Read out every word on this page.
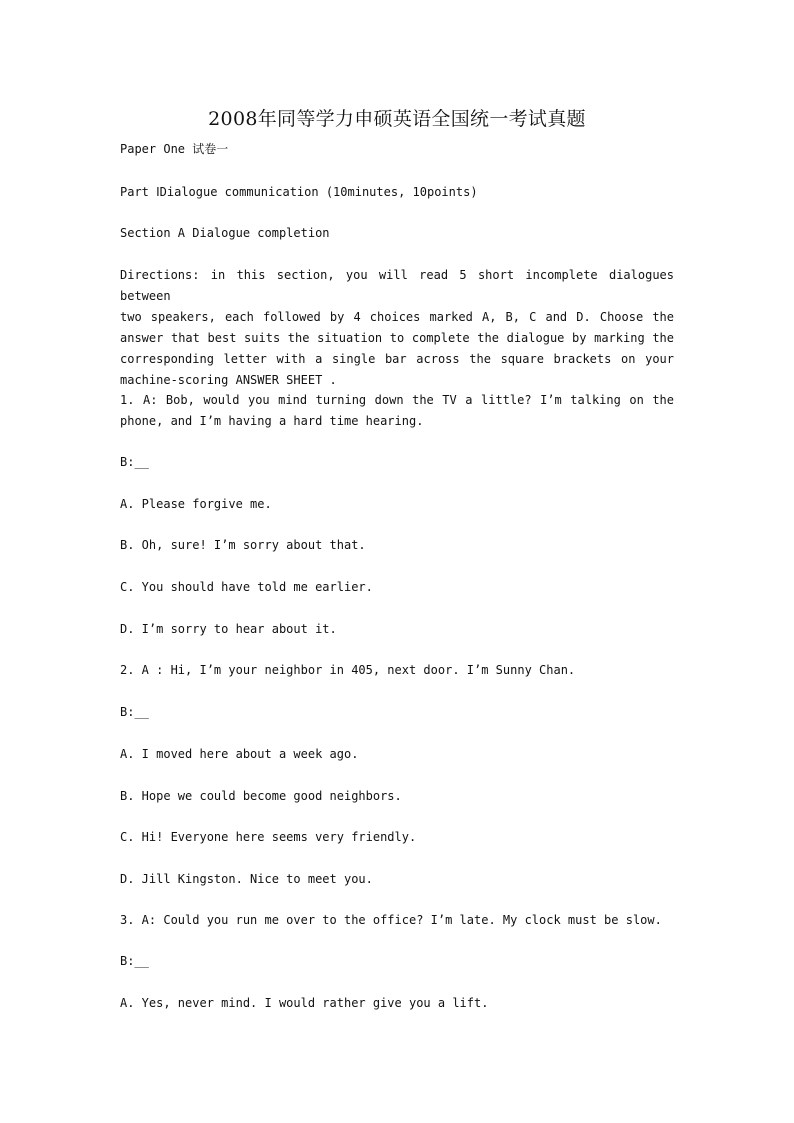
2008年同等学力申硕英语全国统一考试真题
Paper One 试卷一
Part ⅠDialogue communication (10minutes, 10points)
Section A Dialogue completion
Directions: in this section, you will read 5 short incomplete dialogues between
two speakers, each followed by 4 choices marked A, B, C and D. Choose the
answer that best suits the situation to complete the dialogue by marking the
corresponding letter with a single bar across the square brackets on your
machine-scoring ANSWER SHEET .
1. A: Bob, would you mind turning down the TV a little? I’m talking on the
phone, and I’m having a hard time hearing.
B:__
A. Please forgive me.
B. Oh, sure! I’m sorry about that.
C. You should have told me earlier.
D. I’m sorry to hear about it.
2. A : Hi, I’m your neighbor in 405, next door. I’m Sunny Chan.
B:__
A. I moved here about a week ago.
B. Hope we could become good neighbors.
C. Hi! Everyone here seems very friendly.
D. Jill Kingston. Nice to meet you.
3. A: Could you run me over to the office? I’m late. My clock must be slow.
B:__
A. Yes, never mind. I would rather give you a lift.
